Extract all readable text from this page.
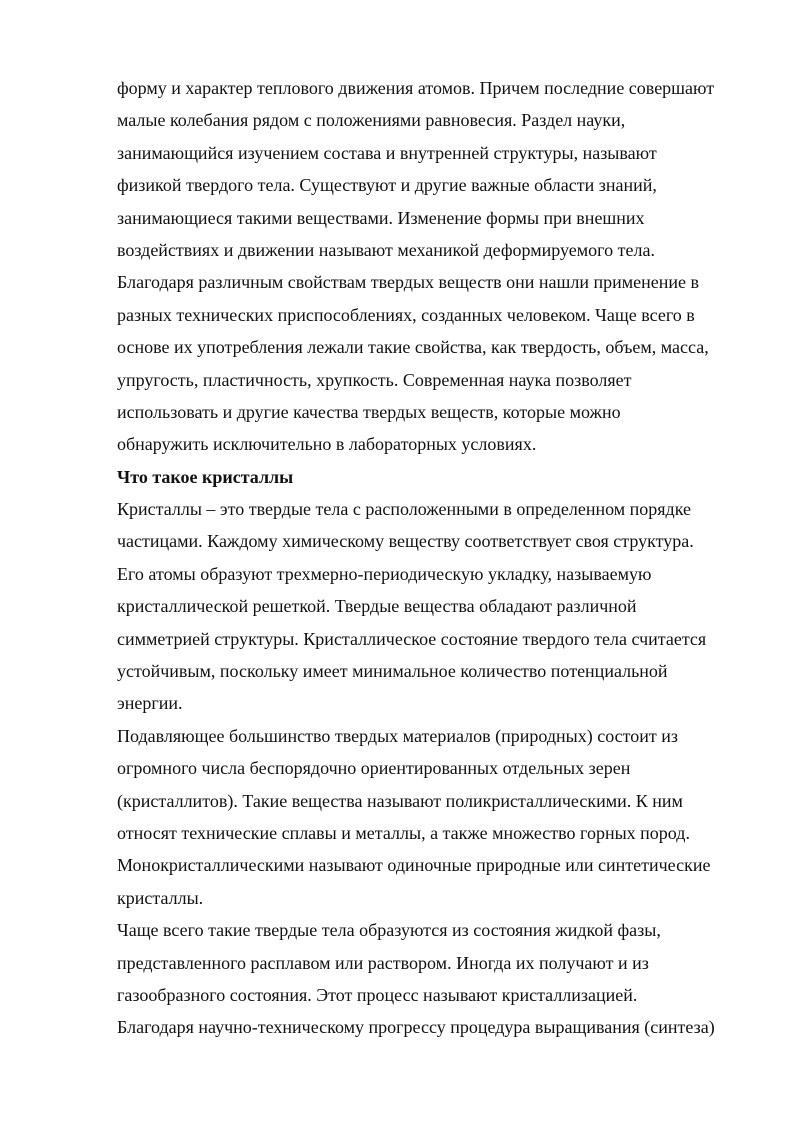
форму и характер теплового движения атомов. Причем последние совершают
малые колебания рядом с положениями равновесия. Раздел науки,
занимающийся изучением состава и внутренней структуры, называют
физикой твердого тела. Существуют и другие важные области знаний,
занимающиеся такими веществами. Изменение формы при внешних
воздействиях и движении называют механикой деформируемого тела.
Благодаря различным свойствам твердых веществ они нашли применение в
разных технических приспособлениях, созданных человеком. Чаще всего в
основе их употребления лежали такие свойства, как твердость, объем, масса,
упругость, пластичность, хрупкость. Современная наука позволяет
использовать и другие качества твердых веществ, которые можно
обнаружить исключительно в лабораторных условиях.
Что такое кристаллы
Кристаллы – это твердые тела с расположенными в определенном порядке
частицами. Каждому химическому веществу соответствует своя структура.
Его атомы образуют трехмерно-периодическую укладку, называемую
кристаллической решеткой. Твердые вещества обладают различной
симметрией структуры. Кристаллическое состояние твердого тела считается
устойчивым, поскольку имеет минимальное количество потенциальной
энергии.
Подавляющее большинство твердых материалов (природных) состоит из
огромного числа беспорядочно ориентированных отдельных зерен
(кристаллитов). Такие вещества называют поликристаллическими. К ним
относят технические сплавы и металлы, а также множество горных пород.
Монокристаллическими называют одиночные природные или синтетические
кристаллы.
Чаще всего такие твердые тела образуются из состояния жидкой фазы,
представленного расплавом или раствором. Иногда их получают и из
газообразного состояния. Этот процесс называют кристаллизацией.
Благодаря научно-техническому прогрессу процедура выращивания (синтеза)
